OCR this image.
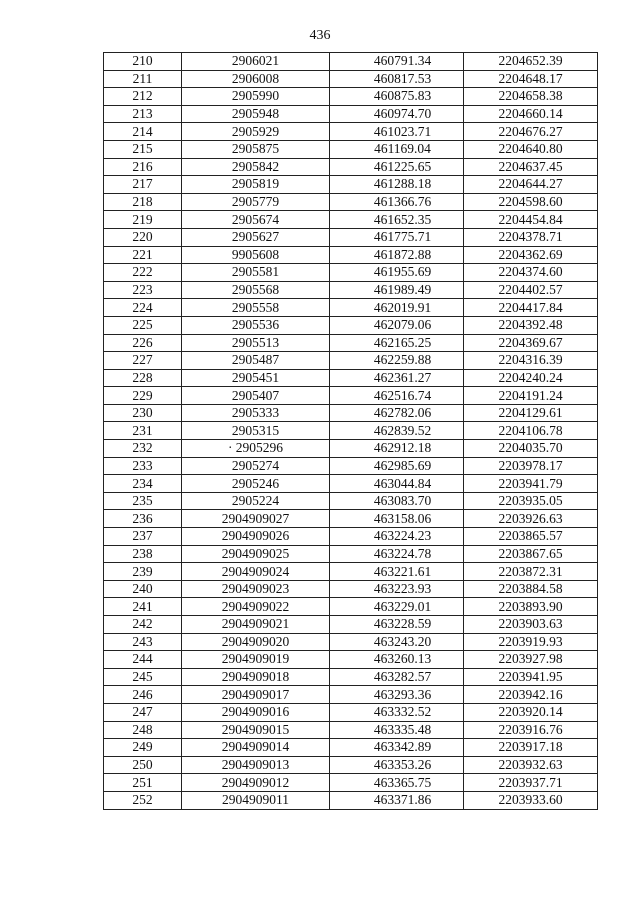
436
210	2906021	460791.34	2204652.39
211	2906008	460817.53	2204648.17
212	2905990	460875.83	2204658.38
213	2905948	460974.70	2204660.14
214	2905929	461023.71	2204676.27
215	2905875	461169.04	2204640.80
216	2905842	461225.65	2204637.45
217	2905819	461288.18	2204644.27
218	2905779	461366.76	2204598.60
219	2905674	461652.35	2204454.84
220	2905627	461775.71	2204378.71
221	9905608	461872.88	2204362.69
222	2905581	461955.69	2204374.60
223	2905568	461989.49	2204402.57
224	2905558	462019.91	2204417.84
225	2905536	462079.06	2204392.48
226	2905513	462165.25	2204369.67
227	2905487	462259.88	2204316.39
228	2905451	462361.27	2204240.24
229	2905407	462516.74	2204191.24
230	2905333	462782.06	2204129.61
231	2905315	462839.52	2204106.78
232	· 2905296	462912.18	2204035.70
233	2905274	462985.69	2203978.17
234	2905246	463044.84	2203941.79
235	2905224	463083.70	2203935.05
236	2904909027	463158.06	2203926.63
237	2904909026	463224.23	2203865.57
238	2904909025	463224.78	2203867.65
239	2904909024	463221.61	2203872.31
240	2904909023	463223.93	2203884.58
241	2904909022	463229.01	2203893.90
242	2904909021	463228.59	2203903.63
243	2904909020	463243.20	2203919.93
244	2904909019	463260.13	2203927.98
245	2904909018	463282.57	2203941.95
246	2904909017	463293.36	2203942.16
247	2904909016	463332.52	2203920.14
248	2904909015	463335.48	2203916.76
249	2904909014	463342.89	2203917.18
250	2904909013	463353.26	2203932.63
251	2904909012	463365.75	2203937.71
252	2904909011	463371.86	2203933.60
